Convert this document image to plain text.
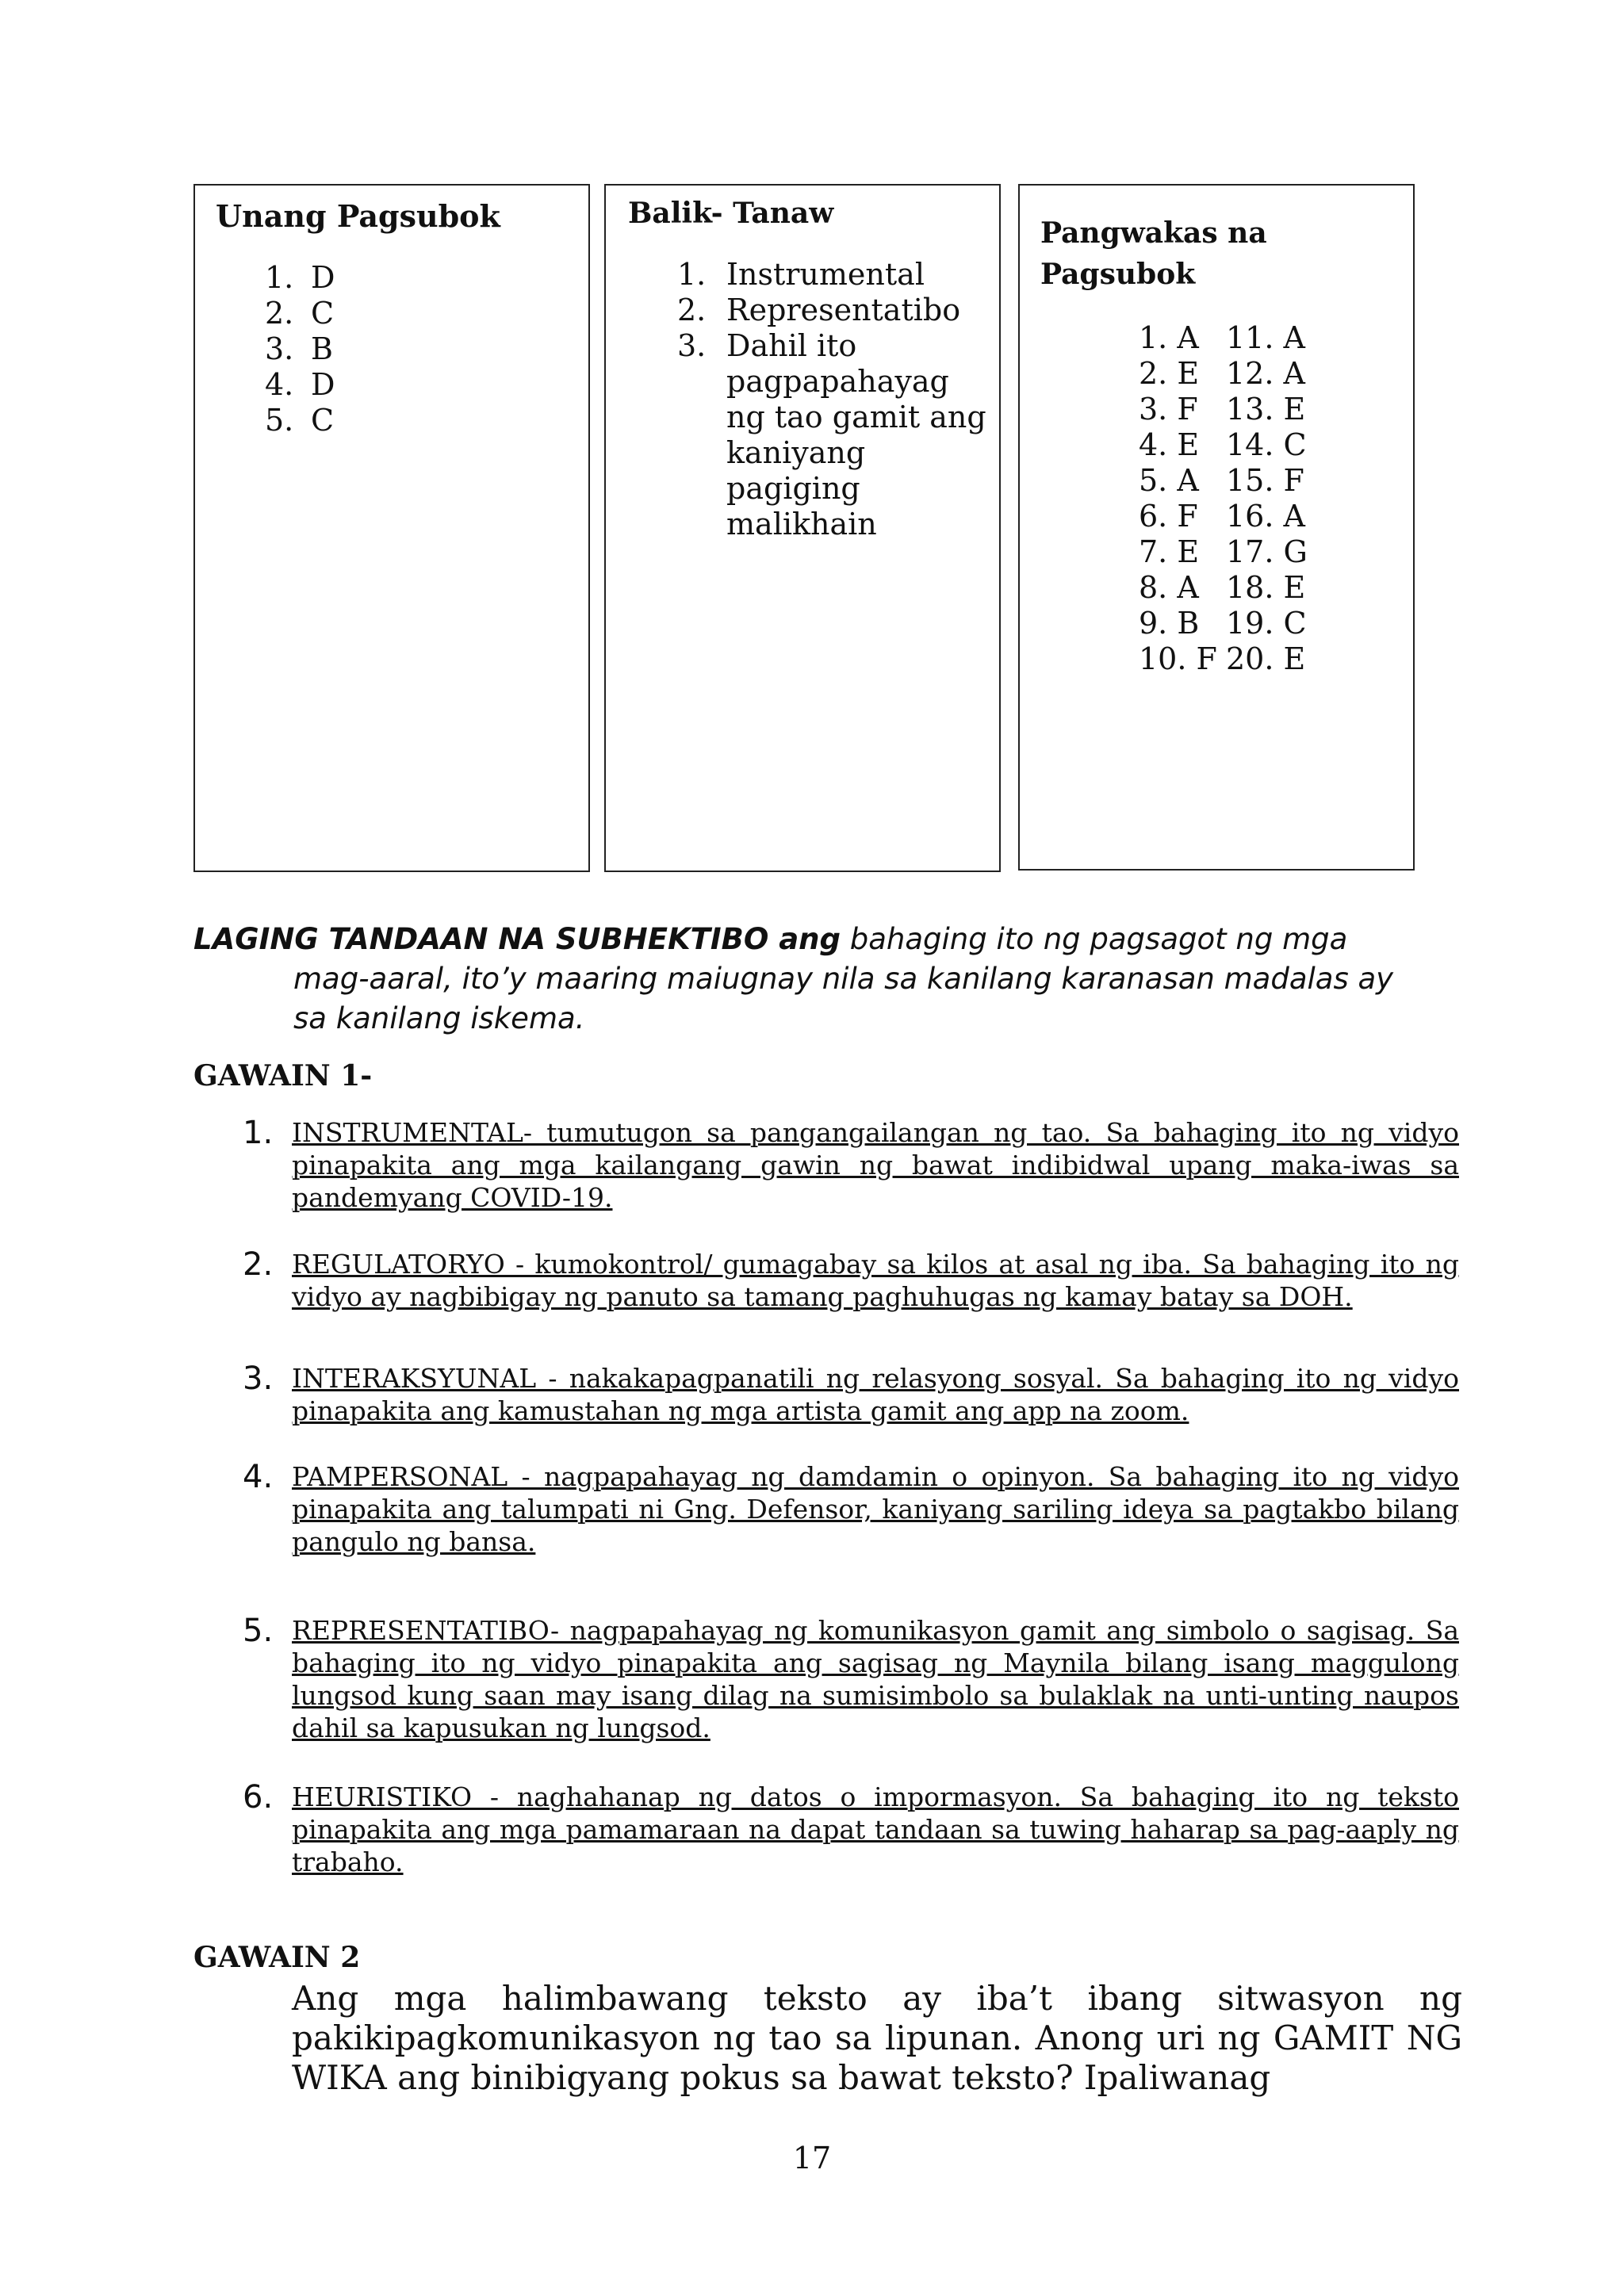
Unang Pagsubok
1. D
2. C
3. B
4. D
5. C
Balik- Tanaw
1. Instrumental
2. Representatibo
3. Dahil ito pagpapahayag ng tao gamit ang kaniyang pagiging malikhain
Pangwakas na Pagsubok
1. A 11. A
2. E 12. A
3. F 13. E
4. E 14. C
5. A 15. F
6. F 16. A
7. E 17. G
8. A 18. E
9. B 19. C
10. F 20. E
LAGING TANDAAN NA SUBHEKTIBO ang bahaging ito ng pagsagot ng mga mag-aaral, ito’y maaring maiugnay nila sa kanilang karanasan madalas ay sa kanilang iskema.
GAWAIN 1-
1. INSTRUMENTAL- tumutugon sa pangangailangan ng tao. Sa bahaging ito ng vidyo pinapakita ang mga kailangang gawin ng bawat indibidwal upang maka-iwas sa pandemyang COVID-19.
2. REGULATORYO - kumokontrol/ gumagabay sa kilos at asal ng iba. Sa bahaging ito ng vidyo ay nagbibigay ng panuto sa tamang paghuhugas ng kamay batay sa DOH.
3. INTERAKSYUNAL - nakakapagpanatili ng relasyong sosyal. Sa bahaging ito ng vidyo pinapakita ang kamustahan ng mga artista gamit ang app na zoom.
4. PAMPERSONAL - nagpapahayag ng damdamin o opinyon. Sa bahaging ito ng vidyo pinapakita ang talumpati ni Gng. Defensor, kaniyang sariling ideya sa pagtakbo bilang pangulo ng bansa.
5. REPRESENTATIBO- nagpapahayag ng komunikasyon gamit ang simbolo o sagisag. Sa bahaging ito ng vidyo pinapakita ang sagisag ng Maynila bilang isang maggulong lungsod kung saan may isang dilag na sumisimbolo sa bulaklak na unti-unting naupos dahil sa kapusukan ng lungsod.
6. HEURISTIKO - naghahanap ng datos o impormasyon. Sa bahaging ito ng teksto pinapakita ang mga pamamaraan na dapat tandaan sa tuwing haharap sa pag-aaply ng trabaho.
GAWAIN 2
Ang mga halimbawang teksto ay iba’t ibang sitwasyon ng pakikipagkomunikasyon ng tao sa lipunan. Anong uri ng GAMIT NG WIKA ang binibigyang pokus sa bawat teksto? Ipaliwanag
17
